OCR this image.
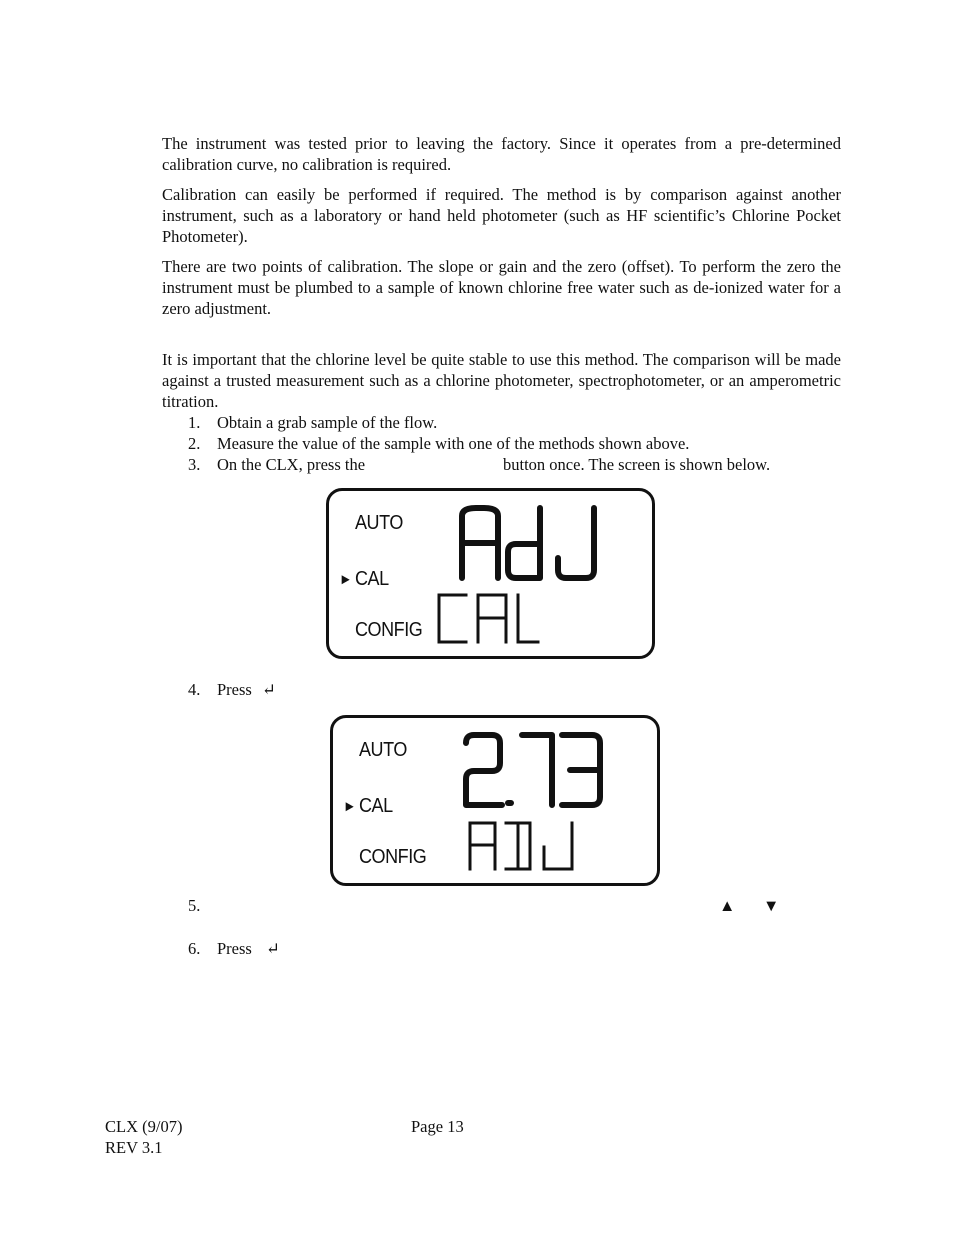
The instrument was tested prior to leaving the factory. Since it operates from a pre-determined calibration curve, no calibration is required.

Calibration can easily be performed if required. The method is by comparison against another instrument, such as a laboratory or hand held photometer (such as HF scientific’s Chlorine Pocket Photometer).

There are two points of calibration. The slope or gain and the zero (offset). To perform the zero the instrument must be plumbed to a sample of known chlorine free water such as de-ionized water for a zero adjustment.

It is important that the chlorine level be quite stable to use this method. The comparison will be made against a trusted measurement such as a chlorine photometer, spectrophotometer, or an amperometric titration.

1. Obtain a grab sample of the flow.
2. Measure the value of the sample with one of the methods shown above.
3. On the CLX, press the	button once. The screen is shown below.
AUTO
► CAL
CONFIG
4. Press ↵
AUTO
► CAL
CONFIG
5.	▲ ▼
6. Press ↵
CLX (9/07)
REV 3.1
Page 13
